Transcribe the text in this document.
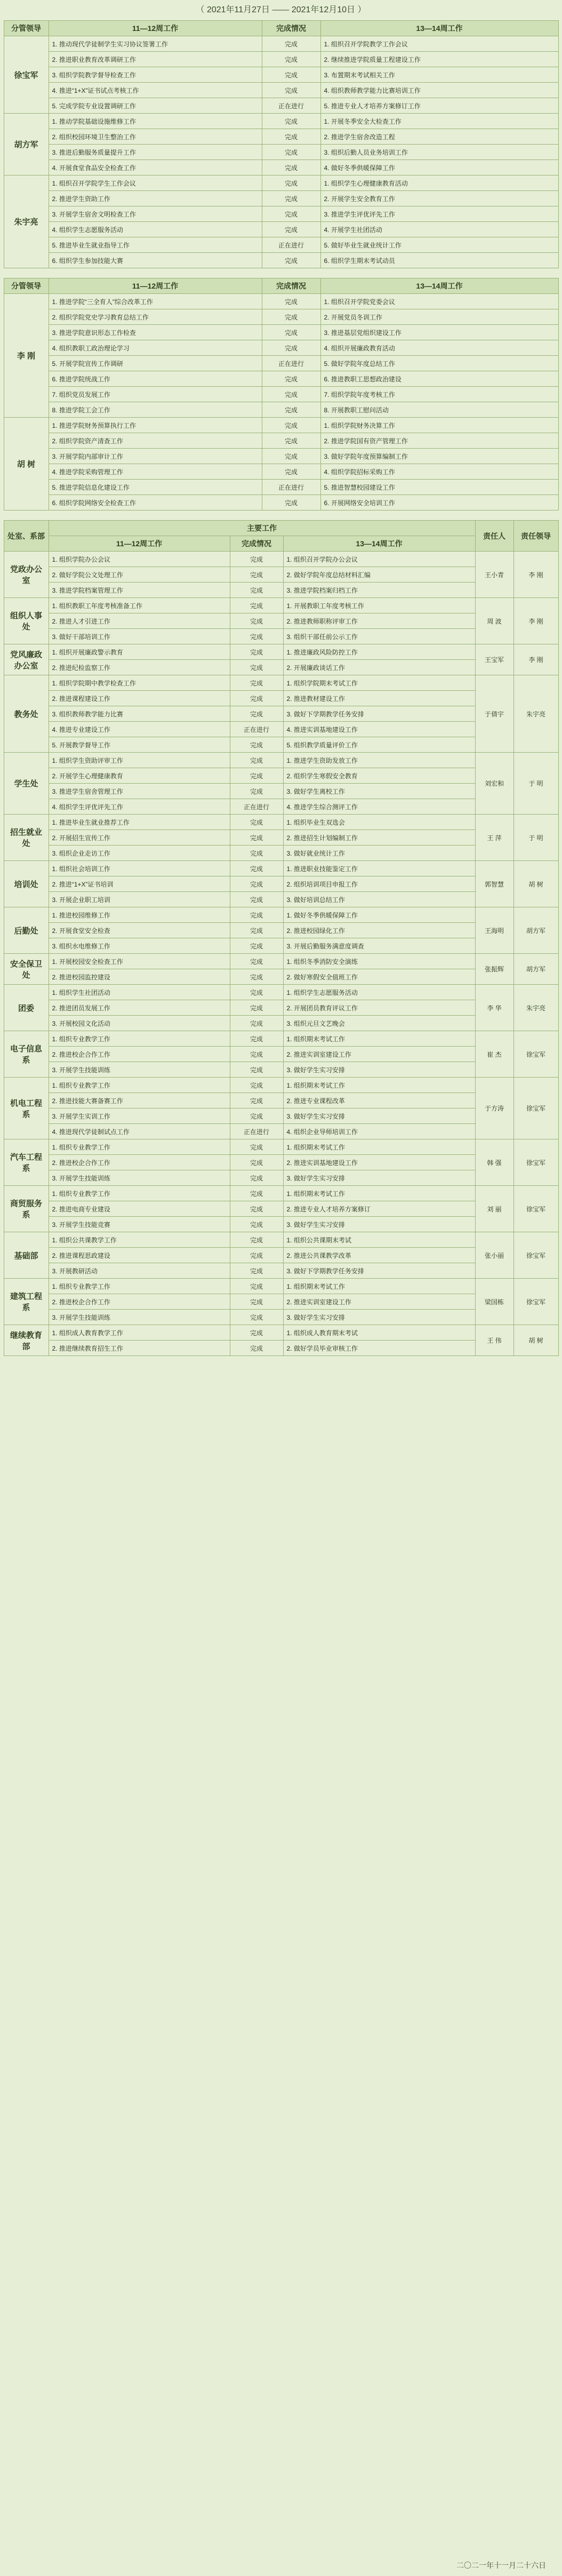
（ 2021年11月27日 —— 2021年12月10日 ）
分管领导	11—12周工作	完成情况	13—14周工作
徐宝军	1. 推动现代学徒制学生实习协议签署工作	完成	1. 组织召开学院教学工作会议
	2. 推进职业教育改革调研工作	完成	2. 继续推进学院质量工程建设工作
	3. 组织学院教学督导检查工作	完成	3. 布置期末考试相关工作
	4. 推进“1+X”证书试点考核工作	完成	4. 组织教师教学能力比赛培训工作
	5. 完成学院专业设置调研工作	正在进行	5. 推进专业人才培养方案修订工作
胡方军	1. 推动学院基础设施维修工作	完成	1. 开展冬季安全大检查工作
	2. 组织校园环境卫生整治工作	完成	2. 推进学生宿舍改造工程
	3. 推进后勤服务质量提升工作	完成	3. 组织后勤人员业务培训工作
	4. 开展食堂食品安全检查工作	完成	4. 做好冬季供暖保障工作
朱宇亮	1. 组织召开学院学生工作会议	完成	1. 组织学生心理健康教育活动
	2. 推进学生资助工作	完成	2. 开展学生安全教育工作
	3. 开展学生宿舍文明检查工作	完成	3. 推进学生评优评先工作
	4. 组织学生志愿服务活动	完成	4. 开展学生社团活动
	5. 推进毕业生就业指导工作	正在进行	5. 做好毕业生就业统计工作
	6. 组织学生参加技能大赛	完成	6. 组织学生期末考试动员
分管领导	11—12周工作	完成情况	13—14周工作
李 刚	1. 推进学院“三全育人”综合改革工作	完成	1. 组织召开学院党委会议
	2. 组织学院党史学习教育总结工作	完成	2. 开展党员冬训工作
	3. 推进学院意识形态工作检查	完成	3. 推进基层党组织建设工作
	4. 组织教职工政治理论学习	完成	4. 组织开展廉政教育活动
	5. 开展学院宣传工作调研	正在进行	5. 做好学院年度总结工作
	6. 推进学院统战工作	完成	6. 推进教职工思想政治建设
	7. 组织党员发展工作	完成	7. 组织学院年度考核工作
	8. 推进学院工会工作	完成	8. 开展教职工慰问活动
胡 树	1. 推进学院财务预算执行工作	完成	1. 组织学院财务决算工作
	2. 组织学院资产清查工作	完成	2. 推进学院国有资产管理工作
	3. 开展学院内部审计工作	完成	3. 做好学院年度预算编制工作
	4. 推进学院采购管理工作	完成	4. 组织学院招标采购工作
	5. 推进学院信息化建设工作	正在进行	5. 推进智慧校园建设工作
	6. 组织学院网络安全检查工作	完成	6. 开展网络安全培训工作
处室、系部	主要工作			责任人	责任领导
	11—12周工作	完成情况	13—14周工作		
党政办公室	1. 组织学院办公会议	完成	1. 组织召开学院办公会议	王小青	李 刚
	2. 做好学院公文处理工作	完成	2. 做好学院年度总结材料汇编		
	3. 推进学院档案管理工作	完成	3. 推进学院档案归档工作		
组织人事处	1. 组织教职工年度考核准备工作	完成	1. 开展教职工年度考核工作	周 波	李 刚
	2. 推进人才引进工作	完成	2. 推进教师职称评审工作		
	3. 做好干部培训工作	完成	3. 组织干部任前公示工作		
党风廉政办公室	1. 组织开展廉政警示教育	完成	1. 推进廉政风险防控工作	王宝军	李 刚
	2. 推进纪检监察工作	完成	2. 开展廉政谈话工作		
教务处	1. 组织学院期中教学检查工作	完成	1. 组织学院期末考试工作	于倩宇	朱宇亮
	2. 推进课程建设工作	完成	2. 推进教材建设工作		
	3. 组织教师教学能力比赛	完成	3. 做好下学期教学任务安排		
	4. 推进专业建设工作	正在进行	4. 推进实训基地建设工作		
	5. 开展教学督导工作	完成	5. 组织教学质量评价工作		
学生处	1. 组织学生资助评审工作	完成	1. 推进学生资助发放工作	刘宏和	于 明
	2. 开展学生心理健康教育	完成	2. 组织学生寒假安全教育		
	3. 推进学生宿舍管理工作	完成	3. 做好学生离校工作		
	4. 组织学生评优评先工作	正在进行	4. 推进学生综合测评工作		
招生就业处	1. 推进毕业生就业推荐工作	完成	1. 组织毕业生双选会	王 萍	于 明
	2. 开展招生宣传工作	完成	2. 推进招生计划编制工作		
	3. 组织企业走访工作	完成	3. 做好就业统计工作		
培训处	1. 组织社会培训工作	完成	1. 推进职业技能鉴定工作	郭智慧	胡 树
	2. 推进“1+X”证书培训	完成	2. 组织培训项目申报工作		
	3. 开展企业职工培训	完成	3. 做好培训总结工作		
后勤处	1. 推进校园维修工作	完成	1. 做好冬季供暖保障工作	王海明	胡方军
	2. 开展食堂安全检查	完成	2. 推进校园绿化工作		
	3. 组织水电维修工作	完成	3. 开展后勤服务满意度调查		
安全保卫处	1. 开展校园安全检查工作	完成	1. 组织冬季消防安全演练	张振辉	胡方军
	2. 推进校园监控建设	完成	2. 做好寒假安全值班工作		
团委	1. 组织学生社团活动	完成	1. 组织学生志愿服务活动	李 华	朱宇亮
	2. 推进团员发展工作	完成	2. 开展团员教育评议工作		
	3. 开展校园文化活动	完成	3. 组织元旦文艺晚会		
电子信息系	1. 组织专业教学工作	完成	1. 组织期末考试工作	崔 杰	徐宝军
	2. 推进校企合作工作	完成	2. 推进实训室建设工作		
	3. 开展学生技能训练	完成	3. 做好学生实习安排		
机电工程系	1. 组织专业教学工作	完成	1. 组织期末考试工作	于方涛	徐宝军
	2. 推进技能大赛备赛工作	完成	2. 推进专业课程改革		
	3. 开展学生实训工作	完成	3. 做好学生实习安排		
	4. 推进现代学徒制试点工作	正在进行	4. 组织企业导师培训工作		
汽车工程系	1. 组织专业教学工作	完成	1. 组织期末考试工作	韩 强	徐宝军
	2. 推进校企合作工作	完成	2. 推进实训基地建设工作		
	3. 开展学生技能训练	完成	3. 做好学生实习安排		
商贸服务系	1. 组织专业教学工作	完成	1. 组织期末考试工作	刘 丽	徐宝军
	2. 推进电商专业建设	完成	2. 推进专业人才培养方案修订		
	3. 开展学生技能竞赛	完成	3. 做好学生实习安排		
基础部	1. 组织公共课教学工作	完成	1. 组织公共课期末考试	张小丽	徐宝军
	2. 推进课程思政建设	完成	2. 推进公共课教学改革		
	3. 开展教研活动	完成	3. 做好下学期教学任务安排		
建筑工程系	1. 组织专业教学工作	完成	1. 组织期末考试工作	梁国栋	徐宝军
	2. 推进校企合作工作	完成	2. 推进实训室建设工作		
	3. 开展学生技能训练	完成	3. 做好学生实习安排		
继续教育部	1. 组织成人教育教学工作	完成	1. 组织成人教育期末考试	王 伟	胡 树
	2. 推进继续教育招生工作	完成	2. 做好学员毕业审核工作		
二〇二一年十一月二十六日
